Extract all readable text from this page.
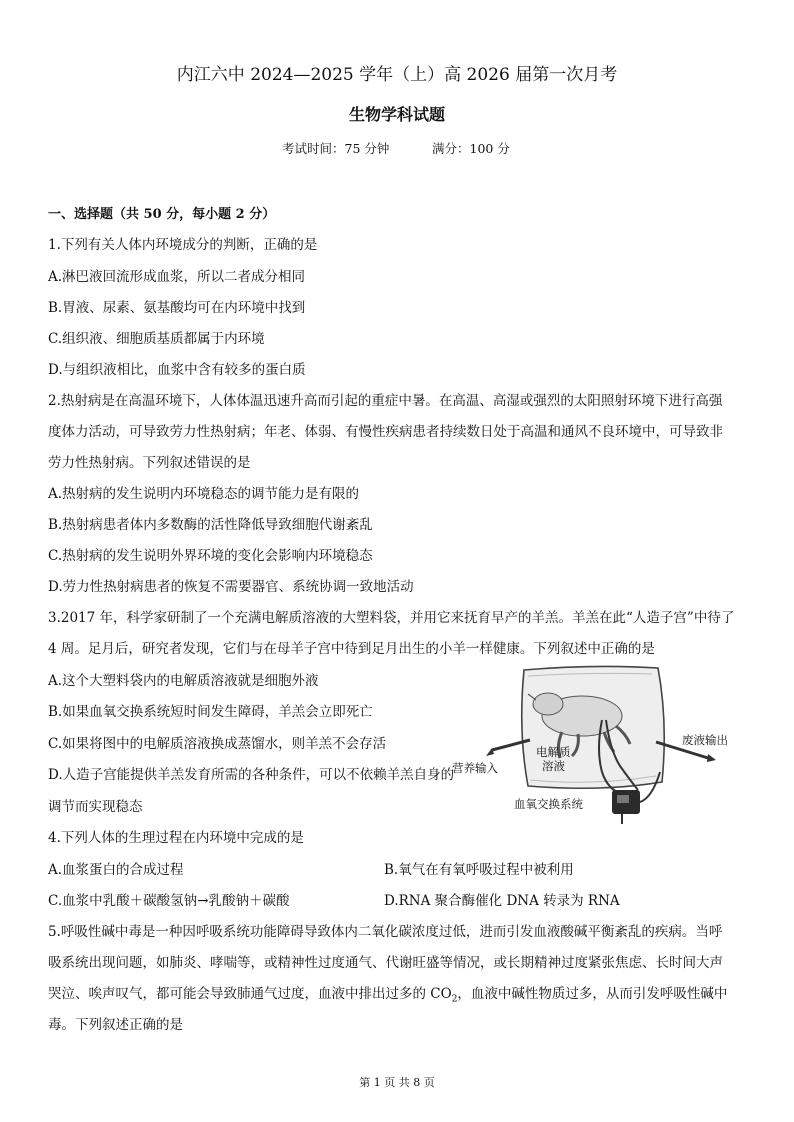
内江六中 2024—2025 学年（上）高 2026 届第一次月考
生物学科试题
考试时间：75 分钟	满分：100 分
一、选择题（共 50 分，每小题 2 分）
1.下列有关人体内环境成分的判断，正确的是
A.淋巴液回流形成血浆，所以二者成分相同
B.胃液、尿素、氨基酸均可在内环境中找到
C.组织液、细胞质基质都属于内环境
D.与组织液相比，血浆中含有较多的蛋白质
2.热射病是在高温环境下，人体体温迅速升高而引起的重症中暑。在高温、高湿或强烈的太阳照射环境下进行高强
度体力活动，可导致劳力性热射病；年老、体弱、有慢性疾病患者持续数日处于高温和通风不良环境中，可导致非
劳力性热射病。下列叙述错误的是
A.热射病的发生说明内环境稳态的调节能力是有限的
B.热射病患者体内多数酶的活性降低导致细胞代谢紊乱
C.热射病的发生说明外界环境的变化会影响内环境稳态
D.劳力性热射病患者的恢复不需要器官、系统协调一致地活动
3.2017 年，科学家研制了一个充满电解质溶液的大塑料袋，并用它来抚育早产的羊羔。羊羔在此“人造子宫”中待了
4 周。足月后，研究者发现，它们与在母羊子宫中待到足月出生的小羊一样健康。下列叙述中正确的是
A.这个大塑料袋内的电解质溶液就是细胞外液
B.如果血氧交换系统短时间发生障碍，羊羔会立即死亡
C.如果将图中的电解质溶液换成蒸馏水，则羊羔不会存活
D.人造子宫能提供羊羔发育所需的各种条件，可以不依赖羊羔自身的
调节而实现稳态
废液输出
电解质
溶液
营养输入
血氧交换系统
4.下列人体的生理过程在内环境中完成的是
A.血浆蛋白的合成过程	B.氧气在有氧呼吸过程中被利用
C.血浆中乳酸＋碳酸氢钠→乳酸钠＋碳酸	D.RNA 聚合酶催化 DNA 转录为 RNA
5.呼吸性碱中毒是一种因呼吸系统功能障碍导致体内二氧化碳浓度过低，进而引发血液酸碱平衡紊乱的疾病。当呼
吸系统出现问题，如肺炎、哮喘等，或精神性过度通气、代谢旺盛等情况，或长期精神过度紧张焦虑、长时间大声
哭泣、唉声叹气，都可能会导致肺通气过度，血液中排出过多的 $CO_2$，血液中碱性物质过多，从而引发呼吸性碱中
毒。下列叙述正确的是
第 1 页 共 8 页
